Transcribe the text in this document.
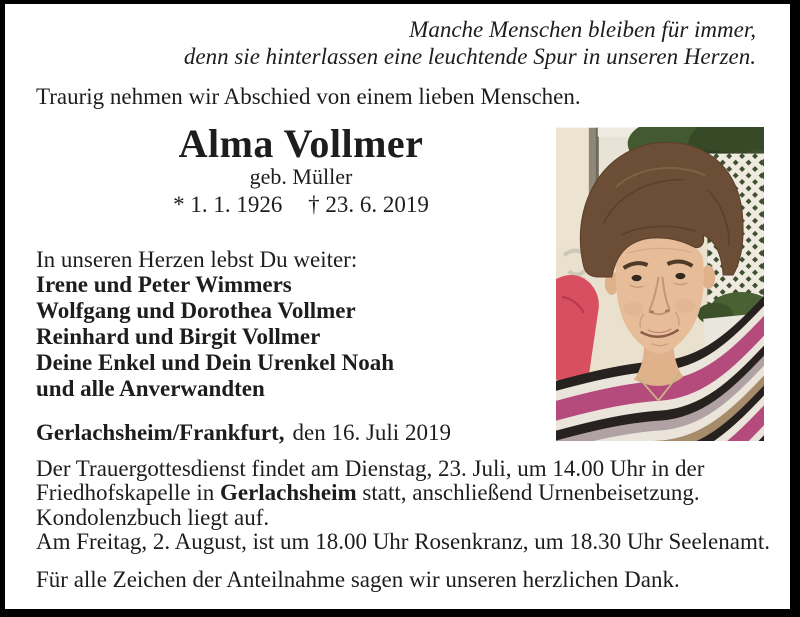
Manche Menschen bleiben für immer,
denn sie hinterlassen eine leuchtende Spur in unseren Herzen.
Traurig nehmen wir Abschied von einem lieben Menschen.
Alma Vollmer
geb. Müller
* 1. 1. 1926 † 23. 6. 2019
In unseren Herzen lebst Du weiter:
Irene und Peter Wimmers
Wolfgang und Dorothea Vollmer
Reinhard und Birgit Vollmer
Deine Enkel und Dein Urenkel Noah
und alle Anverwandten
Gerlachsheim/Frankfurt, den 16. Juli 2019
Der Trauergottesdienst findet am Dienstag, 23. Juli, um 14.00 Uhr in der
Friedhofskapelle in Gerlachsheim statt, anschließend Urnenbeisetzung.
Kondolenzbuch liegt auf.
Am Freitag, 2. August, ist um 18.00 Uhr Rosenkranz, um 18.30 Uhr Seelenamt.
Für alle Zeichen der Anteilnahme sagen wir unseren herzlichen Dank.
